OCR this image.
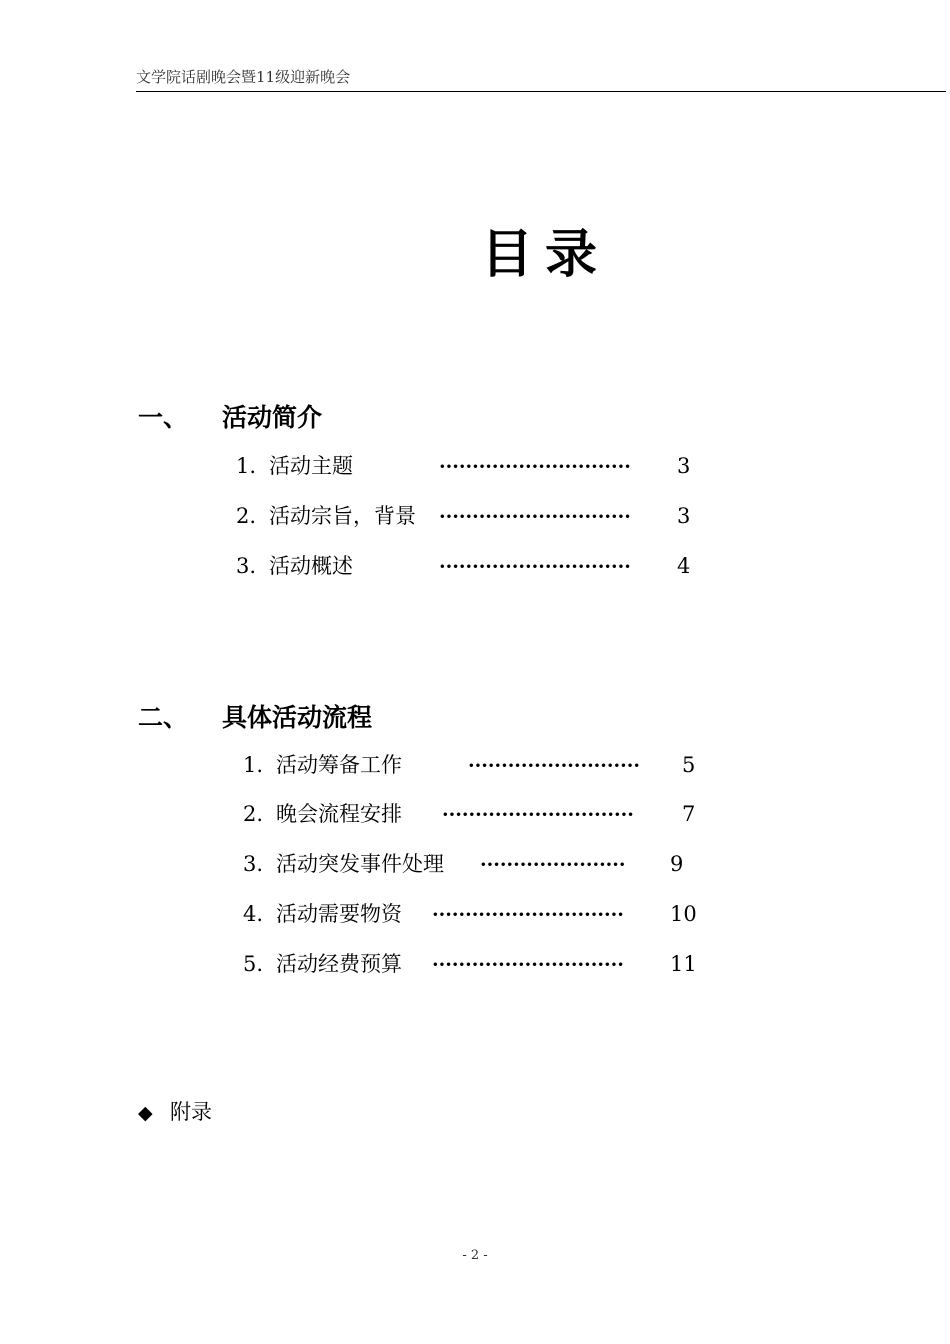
文学院话剧晚会暨11级迎新晚会
目录
一、 活动简介
1. 活动主题	·····························	3
2. 活动宗旨，背景	·····························	3
3. 活动概述	·····························	4
二、 具体活动流程
1. 活动筹备工作	··························	5
2. 晚会流程安排	·····························	7
3. 活动突发事件处理	······················	9
4. 活动需要物资	·····························	10
5. 活动经费预算	·····························	11
◆ 附录
- 2 -
